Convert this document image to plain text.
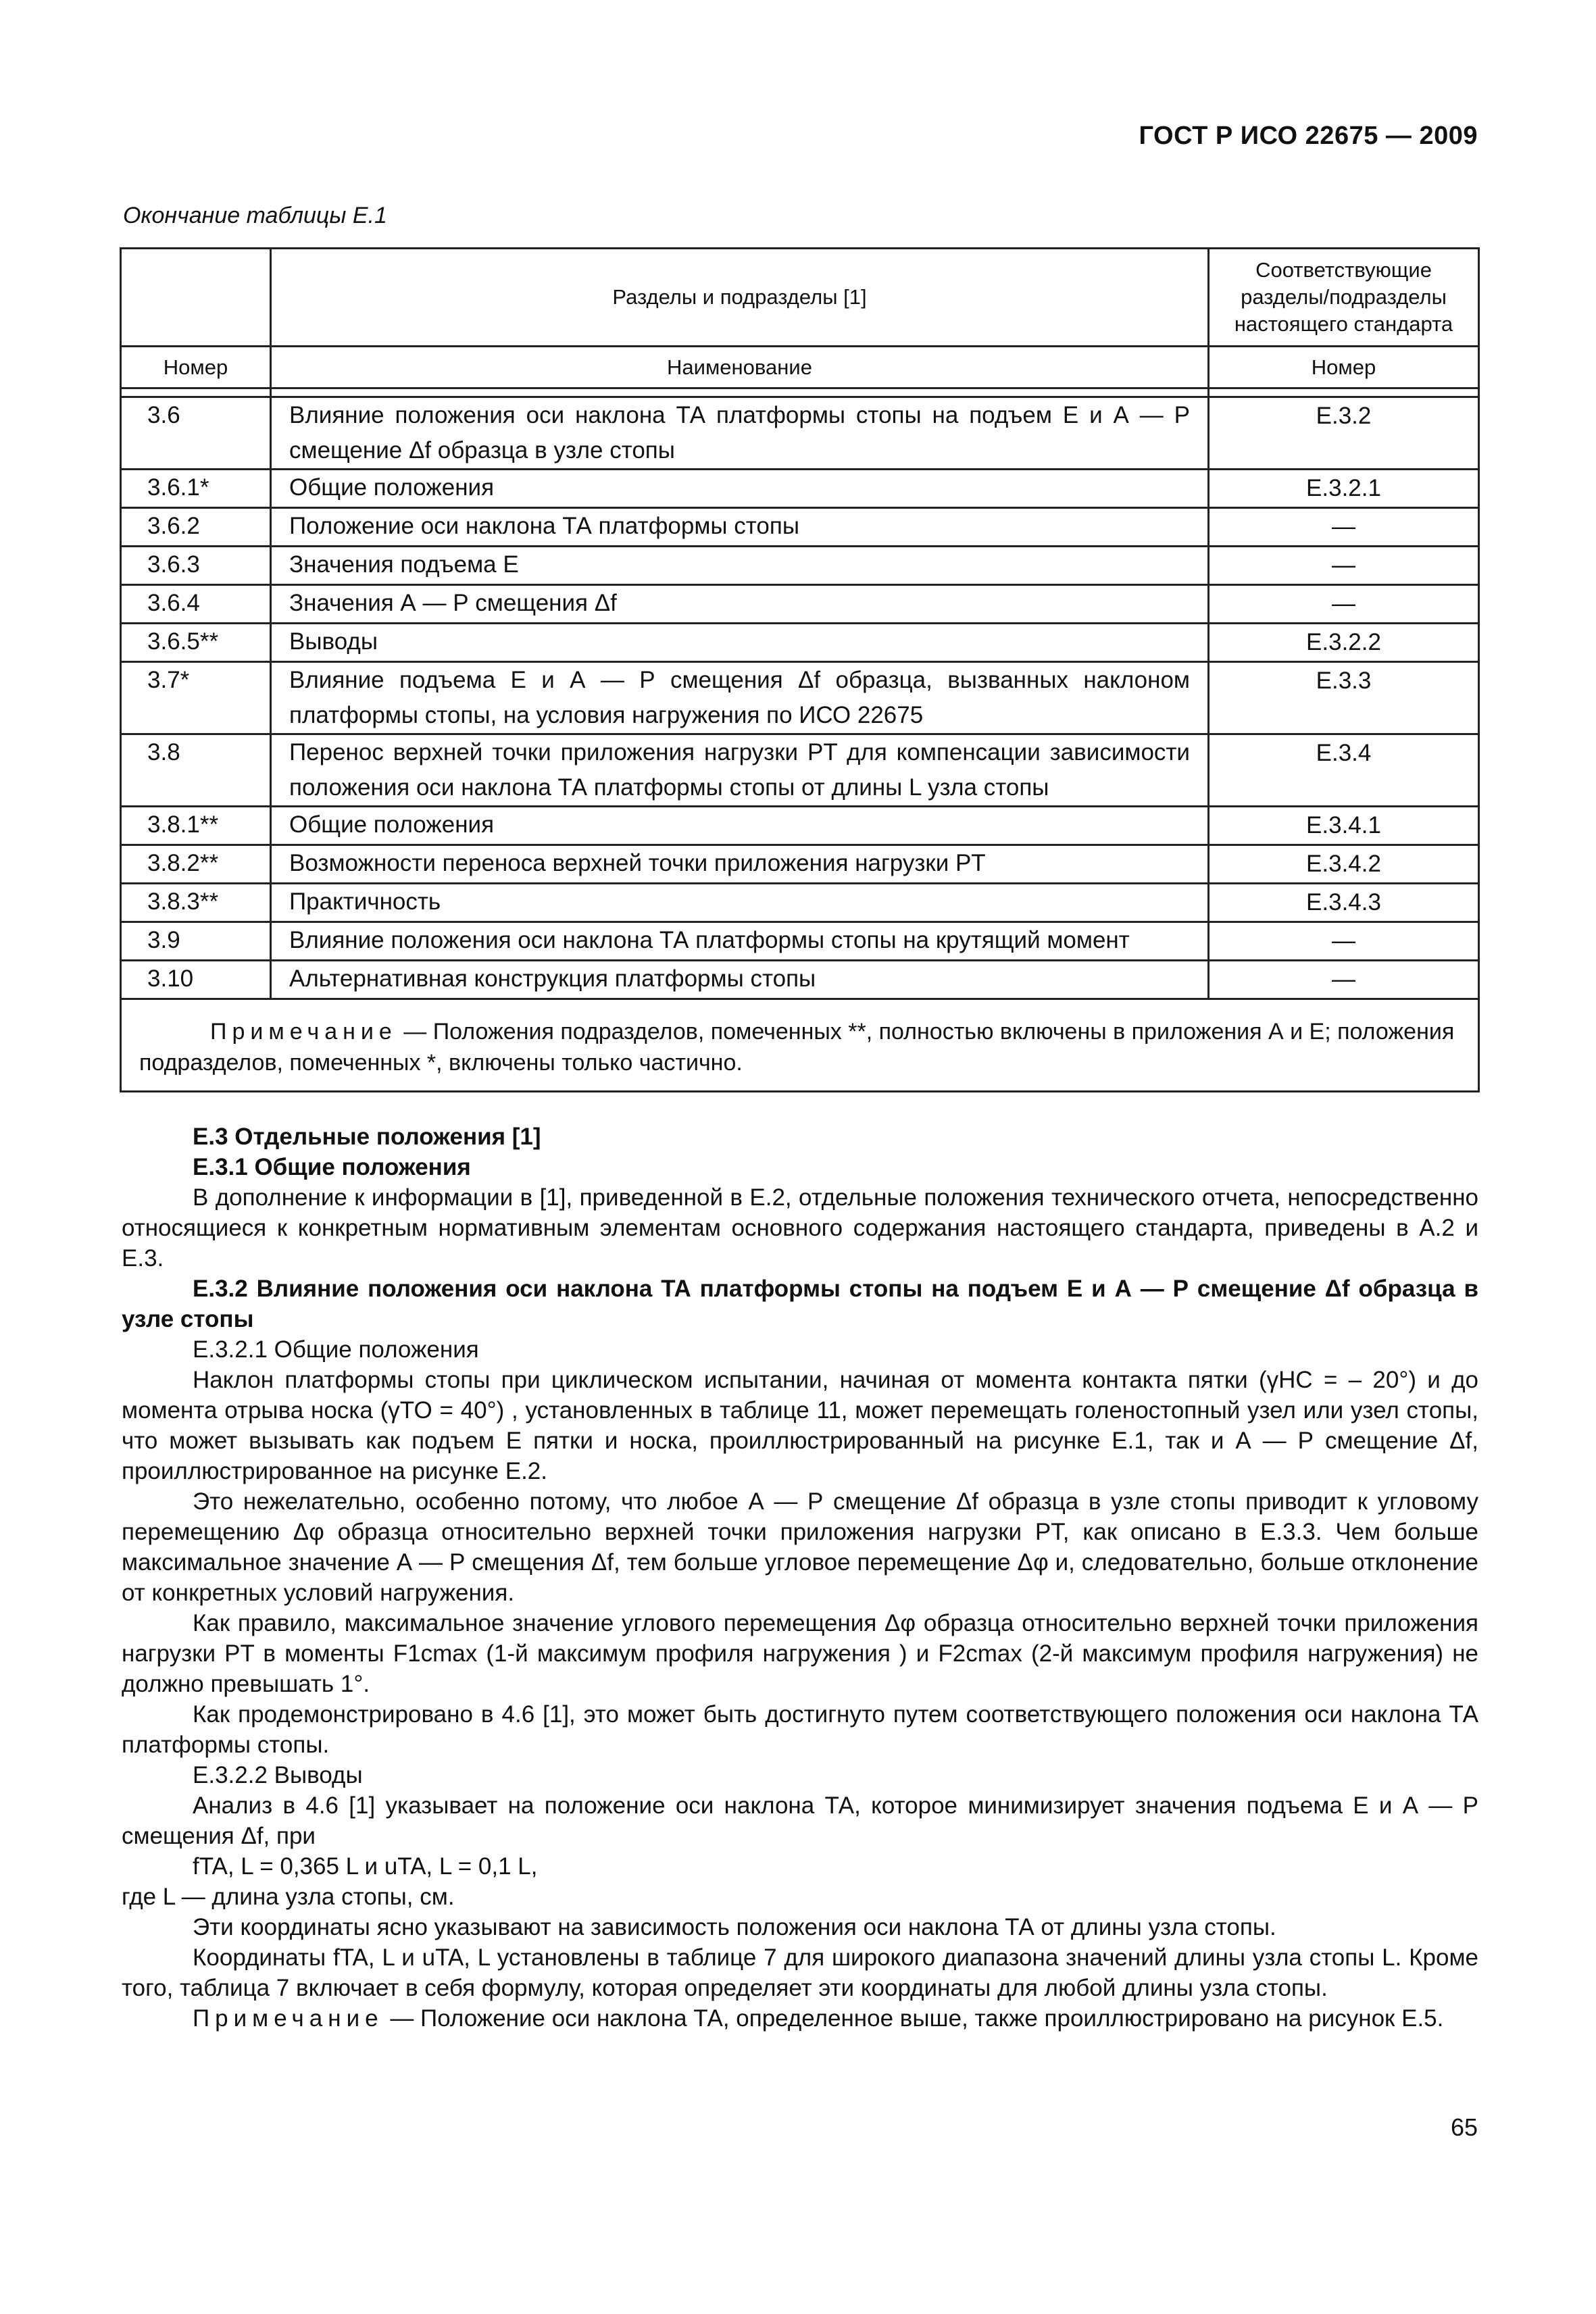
ГОСТ Р ИСО 22675 — 2009
Окончание таблицы Е.1
	Разделы и подразделы [1]	Соответствующие разделы/подразделы настоящего стандарта
Номер	Наименование	Номер

3.6	Влияние положения оси наклона ТА платформы стопы на подъем E и А — Р смещение Δf образца в узле стопы	Е.3.2
3.6.1*	Общие положения	Е.3.2.1
3.6.2	Положение оси наклона ТА платформы стопы	—
3.6.3	Значения подъема E	—
3.6.4	Значения А — Р смещения Δf	—
3.6.5**	Выводы	Е.3.2.2
3.7*	Влияние подъема E и А — Р смещения Δf образца, вызванных наклоном платформы стопы, на условия нагружения по ИСО 22675	Е.3.3
3.8	Перенос верхней точки приложения нагрузки PT для компенсации зависимости положения оси наклона ТА платформы стопы от длины L узла стопы	Е.3.4
3.8.1**	Общие положения	Е.3.4.1
3.8.2**	Возможности переноса верхней точки приложения нагрузки PT	Е.3.4.2
3.8.3**	Практичность	Е.3.4.3
3.9	Влияние положения оси наклона ТА платформы стопы на крутящий момент	—
3.10	Альтернативная конструкция платформы стопы	—
Примечание — Положения подразделов, помеченных **, полностью включены в приложения А и Е; положения подразделов, помеченных *, включены только частично.		

Е.3 Отдельные положения [1]

Е.3.1 Общие положения

В дополнение к информации в [1], приведенной в Е.2, отдельные положения технического отчета, непосредственно относящиеся к конкретным нормативным элементам основного содержания настоящего стандарта, приведены в А.2 и Е.3.

Е.3.2 Влияние положения оси наклона ТА платформы стопы на подъем E и А — Р смещение Δf образца в узле стопы

Е.3.2.1 Общие положения

Наклон платформы стопы при циклическом испытании, начиная от момента контакта пятки (γHC = – 20°) и до момента отрыва носка (γTO = 40°) , установленных в таблице 11, может перемещать голеностопный узел или узел стопы, что может вызывать как подъем E пятки и носка, проиллюстрированный на рисунке Е.1, так и А — Р смещение Δf, проиллюстрированное на рисунке Е.2.

Это нежелательно, особенно потому, что любое А — Р смещение Δf образца в узле стопы приводит к угловому перемещению Δφ образца относительно верхней точки приложения нагрузки PT, как описано в Е.3.3. Чем больше максимальное значение А — Р смещения Δf, тем больше угловое перемещение Δφ и, следовательно, больше отклонение от конкретных условий нагружения.

Как правило, максимальное значение углового перемещения Δφ образца относительно верхней точки приложения нагрузки PT в моменты F1cmax (1-й максимум профиля нагружения ) и F2cmax (2-й максимум профиля нагружения) не должно превышать 1°.

Как продемонстрировано в 4.6 [1], это может быть достигнуто путем соответствующего положения оси наклона ТА платформы стопы.

Е.3.2.2 Выводы

Анализ в 4.6 [1] указывает на положение оси наклона ТА, которое минимизирует значения подъема E и А — Р смещения Δf, при

fTA, L = 0,365 L и uTA, L = 0,1 L,

где L — длина узла стопы, см.

Эти координаты ясно указывают на зависимость положения оси наклона ТА от длины узла стопы.

Координаты fTA, L и uTA, L установлены в таблице 7 для широкого диапазона значений длины узла стопы L. Кроме того, таблица 7 включает в себя формулу, которая определяет эти координаты для любой длины узла стопы.

Примечание — Положение оси наклона ТА, определенное выше, также проиллюстрировано на рисунок Е.5.

65
